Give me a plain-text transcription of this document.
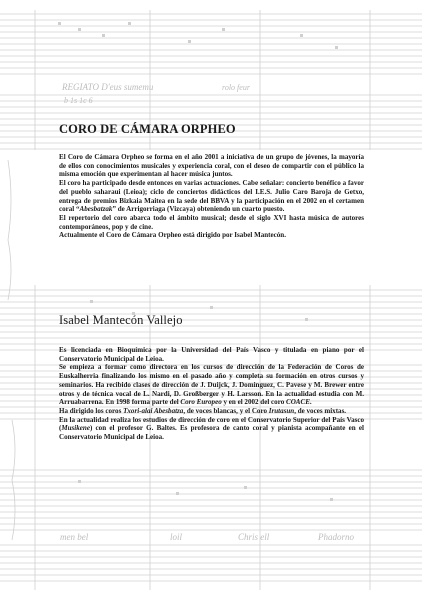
REGIATO D'eus sumemu	rolo feur
b 1s 1c 6
men bel	loil	Chris ell	Phadorno
CORO DE CÁMARA ORPHEO

El Coro de Cámara Orpheo se forma en el año 2001 a iniciativa de un grupo de jóvenes, la mayoría de ellos con conocimientos musicales y experiencia coral, con el deseo de compartir con el público la misma emoción que experimentan al hacer música juntos.

El coro ha participado desde entonces en varias actuaciones. Cabe señalar: concierto benéfico a favor del pueblo saharaui (Leioa); ciclo de conciertos didácticos del I.E.S. Julio Caro Baroja de Getxo, entrega de premios Bizkaia Maitea en la sede del BBVA y la participación en el 2002 en el certamen coral “Abesbatzak” de Arrigorriaga (Vizcaya) obteniendo un cuarto puesto.

El repertorio del coro abarca todo el ámbito musical; desde el siglo XVI hasta música de autores contemporáneos, pop y de cine.

Actualmente el Coro de Cámara Orpheo está dirigido por Isabel Mantecón.

Isabel Mantecón Vallejo

Es licenciada en Bioquímica por la Universidad del País Vasco y titulada en piano por el Conservatorio Municipal de Leioa.

Se empieza a formar como directora en los cursos de dirección de la Federación de Coros de Euskalherria finalizando los mismo en el pasado año y completa su formación en otros cursos y seminarios. Ha recibido clases de dirección de J. Duijck, J. Dominguez, C. Pavese y M. Brewer entre otros y de técnica vocal de L. Nardi, D. Großberger y H. Larsson. En la actualidad estudia con M. Arruabarrena. En 1998 forma parte del Coro Europeo y en el 2002 del coro COACE.

Ha dirigido los coros Txori-alai Abesbatza, de voces blancas, y el Coro Irutasun, de voces mixtas.

En la actualidad realiza los estudios de dirección de coro en el Conservatorio Superior del País Vasco (Musikene) con el profesor G. Baltes. Es profesora de canto coral y pianista acompañante en el Conservatorio Municipal de Leioa.
